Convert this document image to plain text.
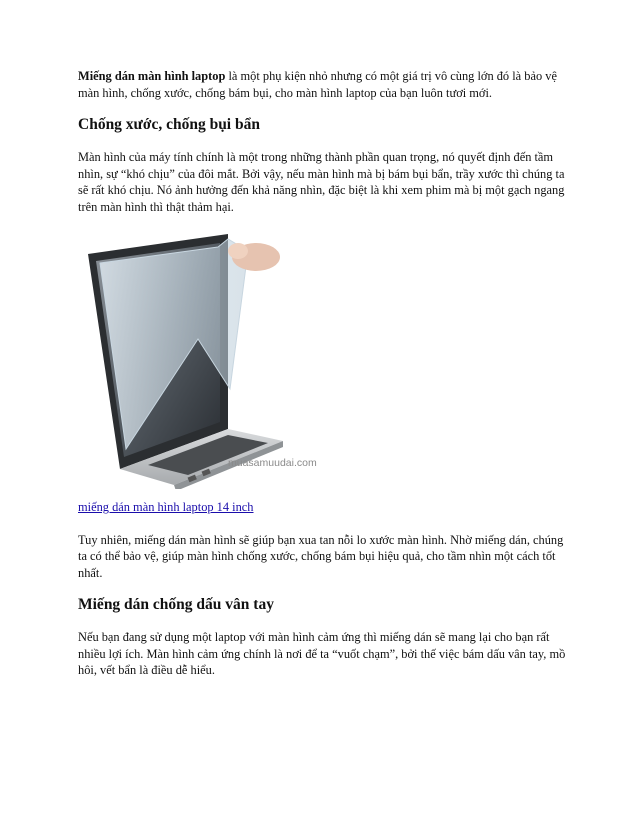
Miếng dán màn hình laptop là một phụ kiện nhỏ nhưng có một giá trị vô cùng lớn đó là bảo vệ màn hình, chống xước, chống bám bụi, cho màn hình laptop của bạn luôn tươi mới.

Chống xước, chống bụi bẩn

Màn hình của máy tính chính là một trong những thành phần quan trọng, nó quyết định đến tầm nhìn, sự “khó chịu” của đôi mắt. Bởi vậy, nếu màn hình mà bị bám bụi bẩn, trầy xước thì chúng ta sẽ rất khó chịu. Nó ảnh hưởng đến khả năng nhìn, đặc biệt là khi xem phim mà bị một gạch ngang trên màn hình thì thật thảm hại.

muasamuudai.com

miếng dán màn hình laptop 14 inch

Tuy nhiên, miếng dán màn hình sẽ giúp bạn xua tan nỗi lo xước màn hình. Nhờ miếng dán, chúng ta có thể bảo vệ, giúp màn hình chống xước, chống bám bụi hiệu quả, cho tầm nhìn một cách tốt nhất.

Miếng dán chống dấu vân tay

Nếu bạn đang sử dụng một laptop với màn hình cảm ứng thì miếng dán sẽ mang lại cho bạn rất nhiều lợi ích. Màn hình cảm ứng chính là nơi để ta “vuốt chạm”, bởi thế việc bám dấu vân tay, mồ hôi, vết bẩn là điều dễ hiểu.
